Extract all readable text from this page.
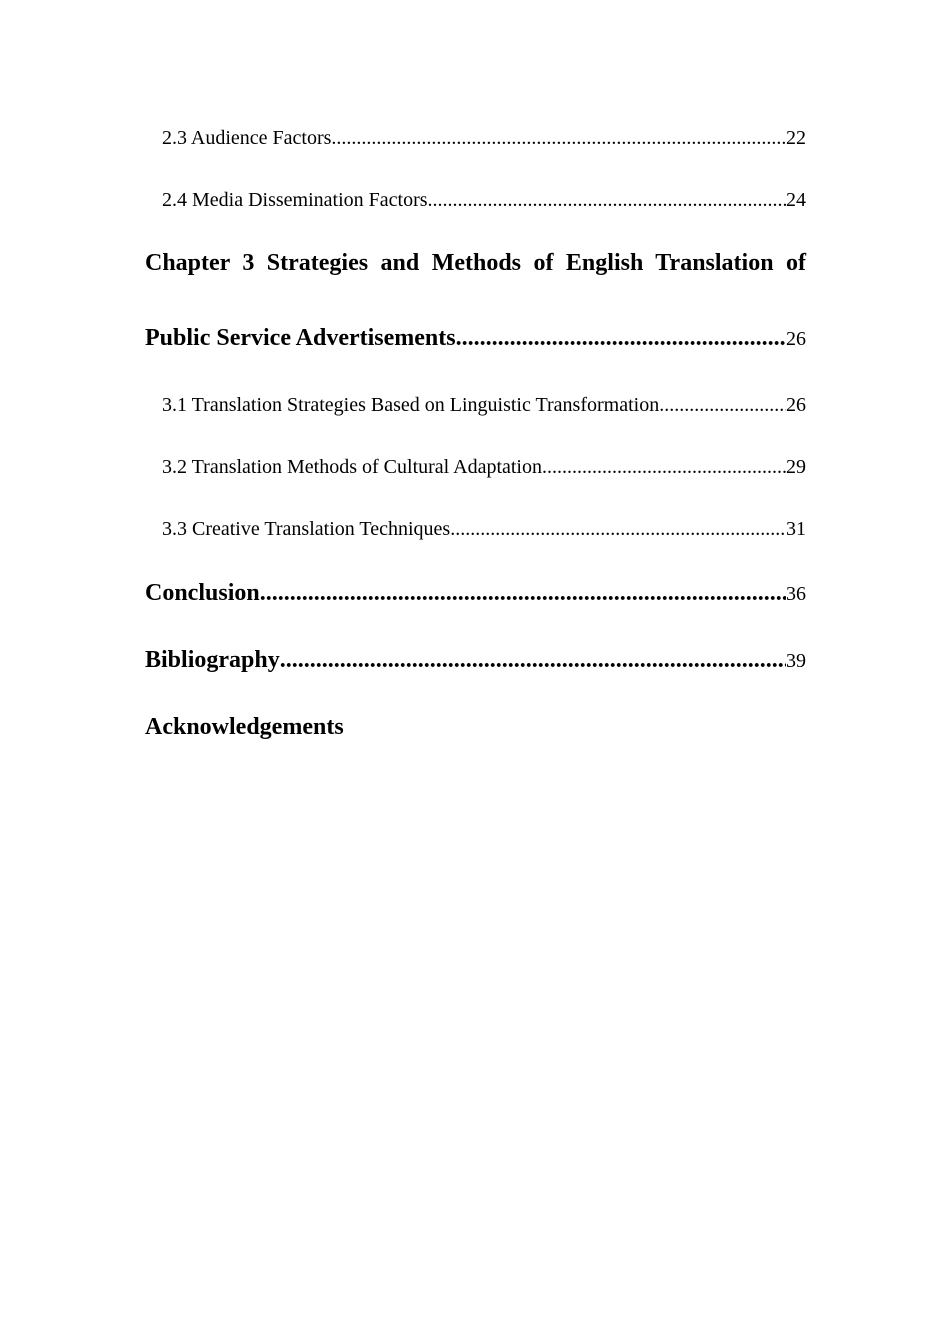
2.3 Audience Factors .....	22
2.4 Media Dissemination Factors .....	24
Chapter 3 Strategies and Methods of English Translation of
Public Service Advertisements .....	26
3.1 Translation Strategies Based on Linguistic Transformation .....	26
3.2 Translation Methods of Cultural Adaptation .....	29
3.3 Creative Translation Techniques .....	31
Conclusion .....	36
Bibliography .....	39
Acknowledgements
